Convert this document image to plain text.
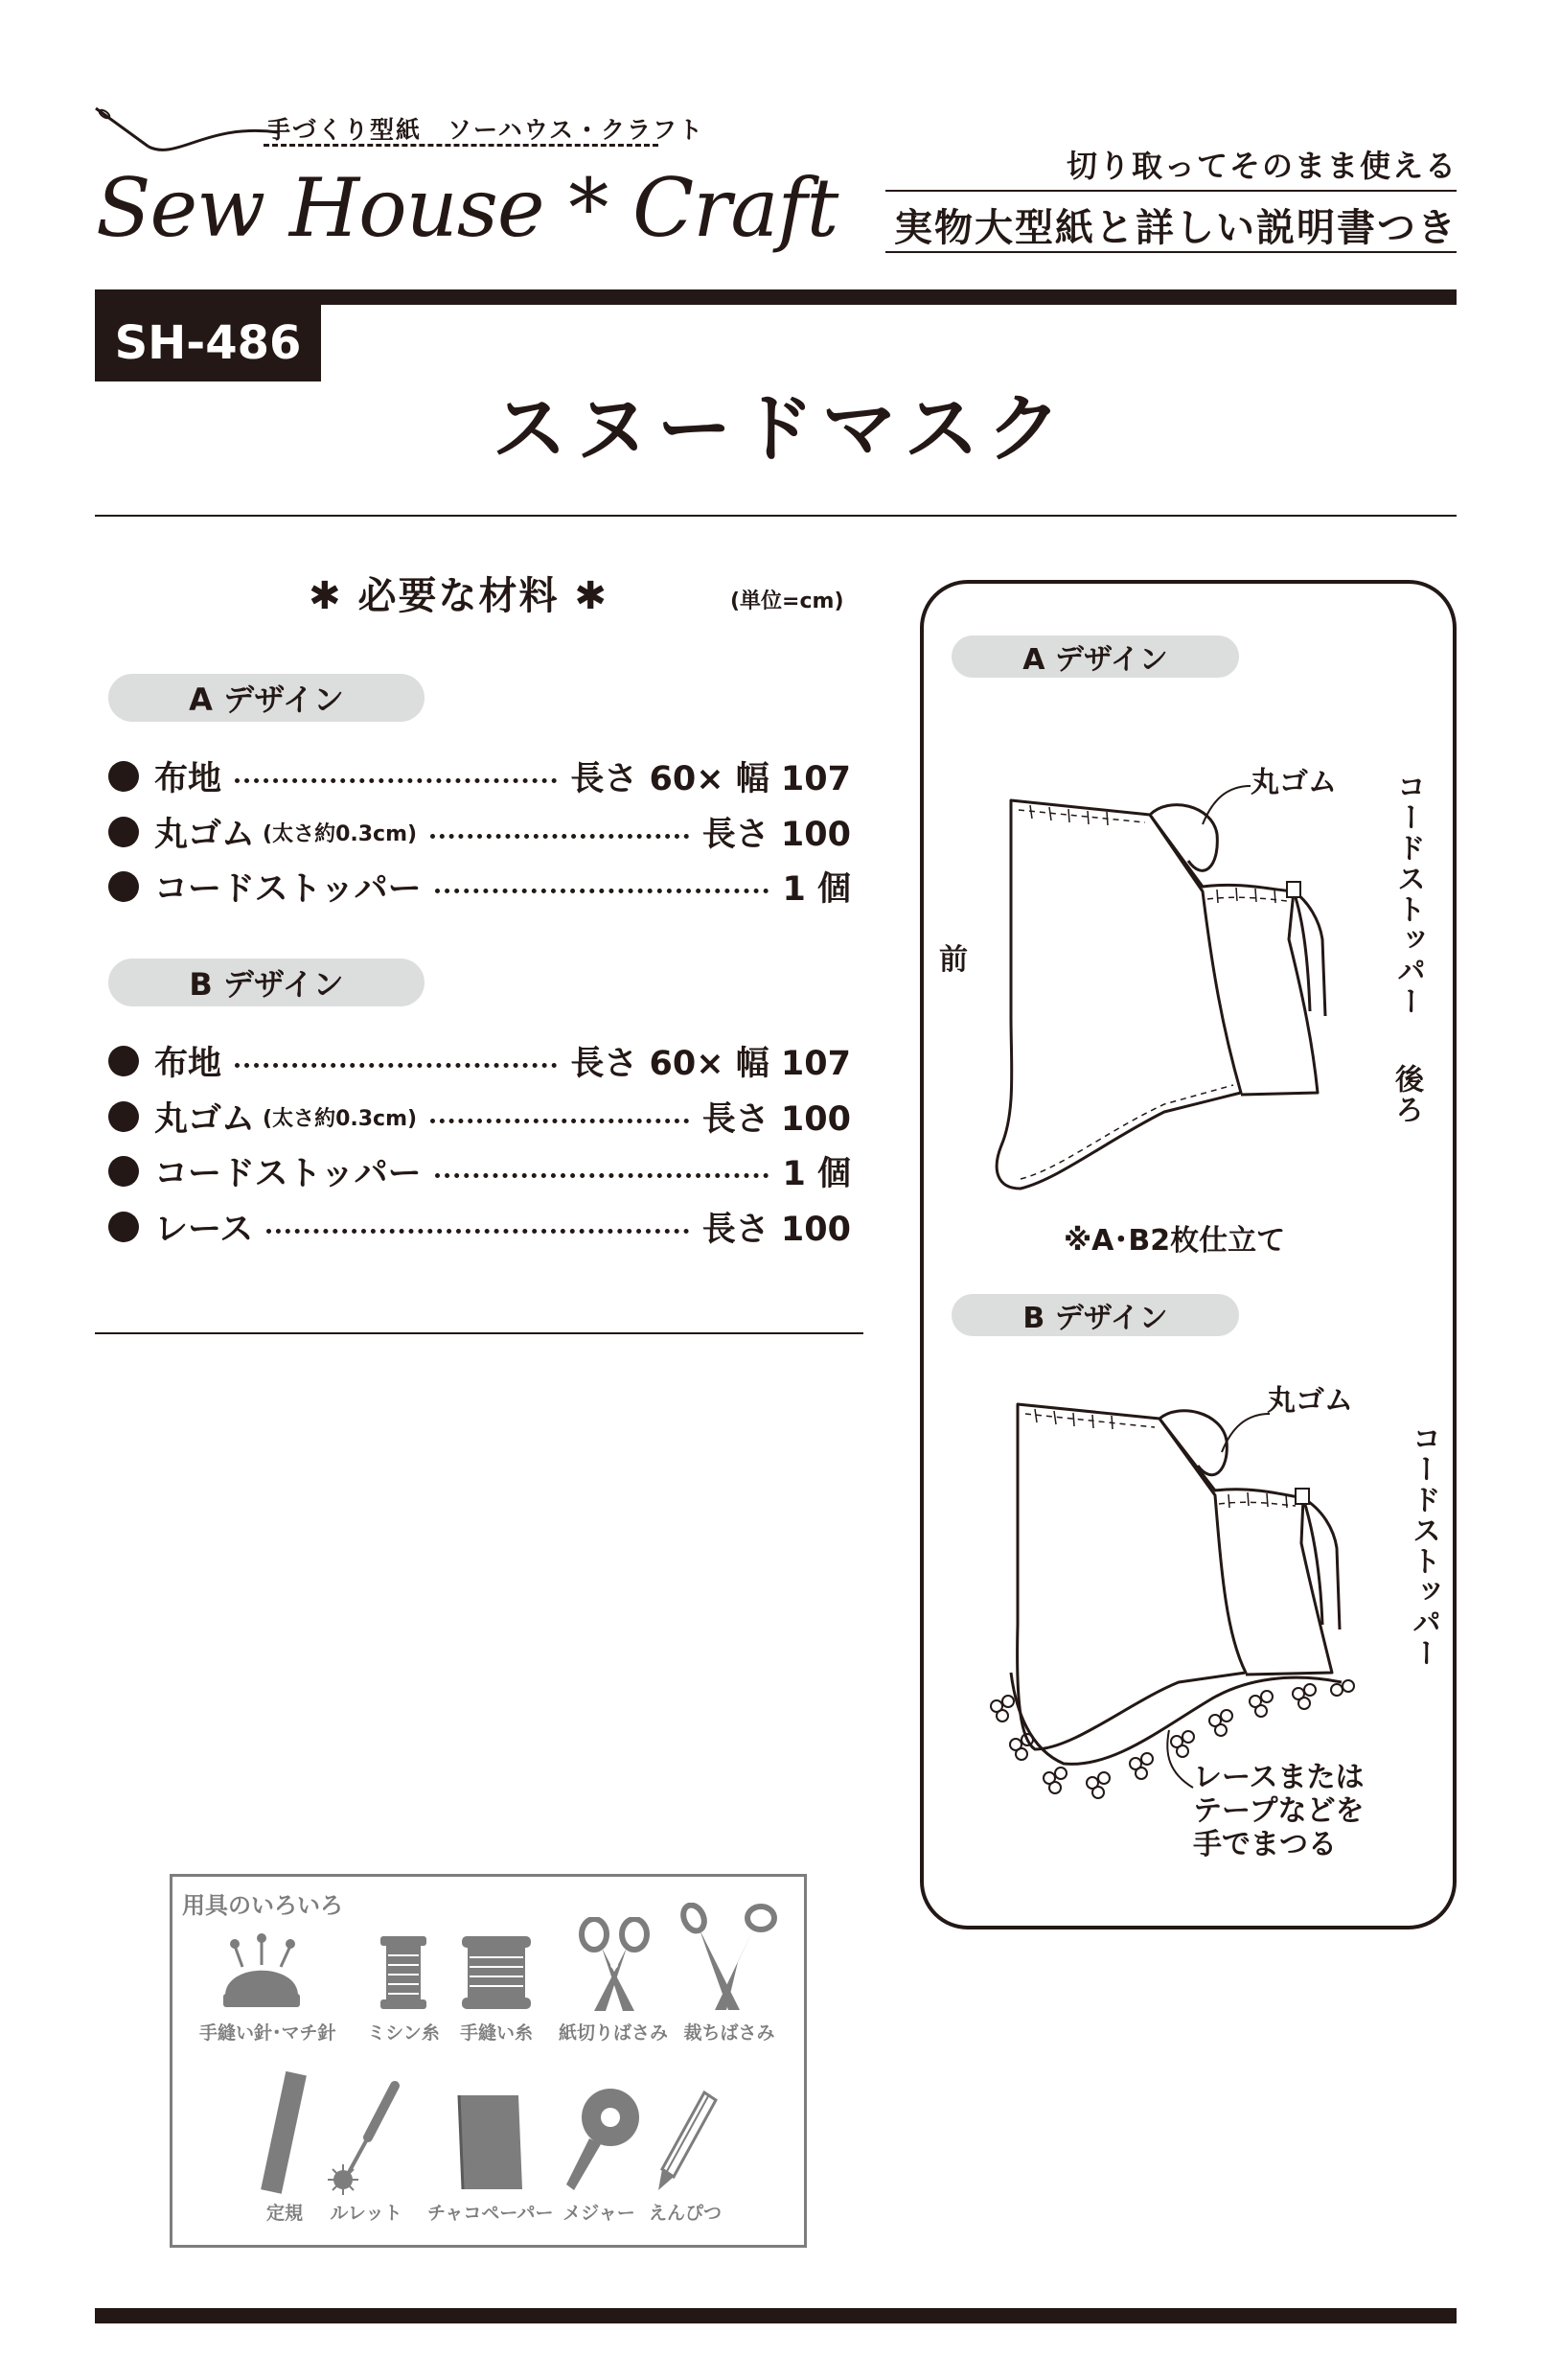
手づくり型紙　ソーハウス・クラフト
Sew House * Craft	切り取ってそのまま使える
実物大型紙と詳しい説明書つき
SH-486
スヌードマスク
✱ 必要な材料 ✱	(単位=cm)
A デザイン
布地	長さ 60× 幅 107
丸ゴム (太さ約0.3cm)	長さ 100
コードストッパー	1 個
B デザイン
布地	長さ 60× 幅 107
丸ゴム (太さ約0.3cm)	長さ 100
コードストッパー	1 個
レース	長さ 100
A デザイン
丸ゴム コードストッパー
前
後ろ
※A･B2枚仕立て
B デザイン
丸ゴム
コードストッパー
レースまたは
テープなどを
手でまつる
用具のいろいろ
手縫い針･マチ針	ミシン糸	手縫い糸	紙切りばさみ 裁ちばさみ
定規	ルレット	チャコペーパー メジャー えんぴつ
